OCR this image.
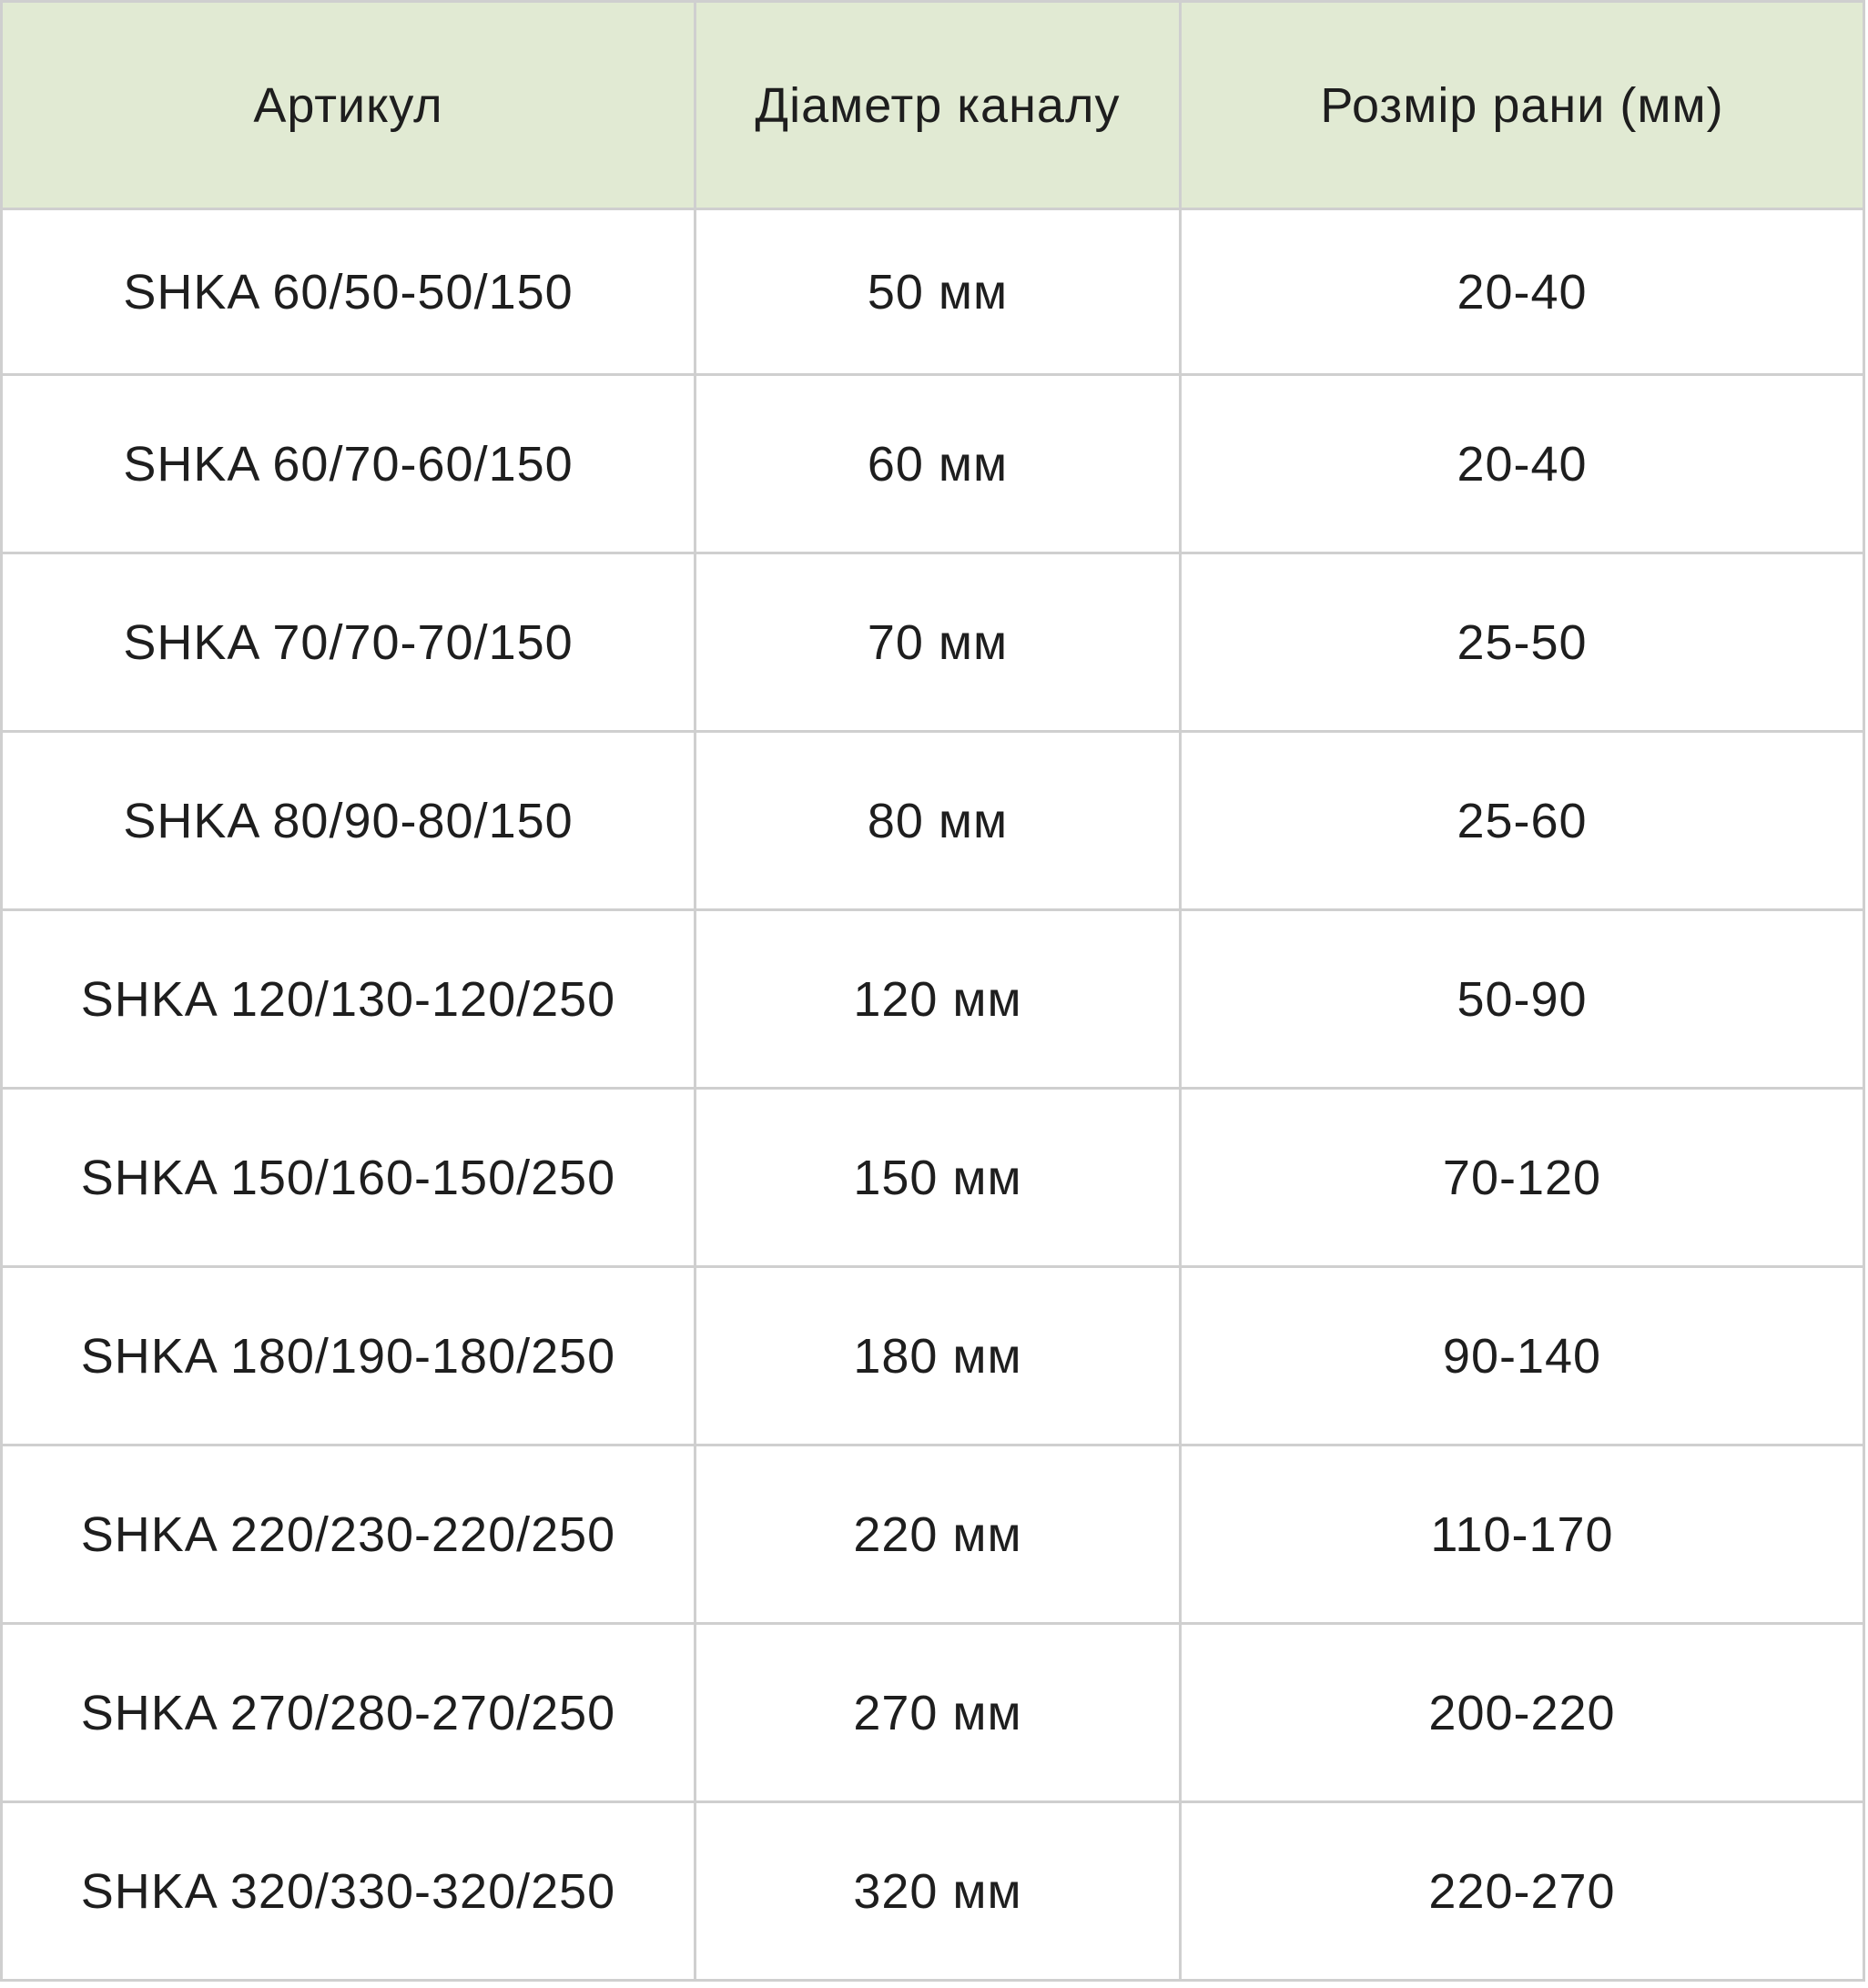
Артикул	Діаметр каналу	Розмір рани (мм)
SHKA 60/50-50/150	50 мм	20-40
SHKA 60/70-60/150	60 мм	20-40
SHKA 70/70-70/150	70 мм	25-50
SHKA 80/90-80/150	80 мм	25-60
SHKA 120/130-120/250	120 мм	50-90
SHKA 150/160-150/250	150 мм	70-120
SHKA 180/190-180/250	180 мм	90-140
SHKA 220/230-220/250	220 мм	110-170
SHKA 270/280-270/250	270 мм	200-220
SHKA 320/330-320/250	320 мм	220-270
